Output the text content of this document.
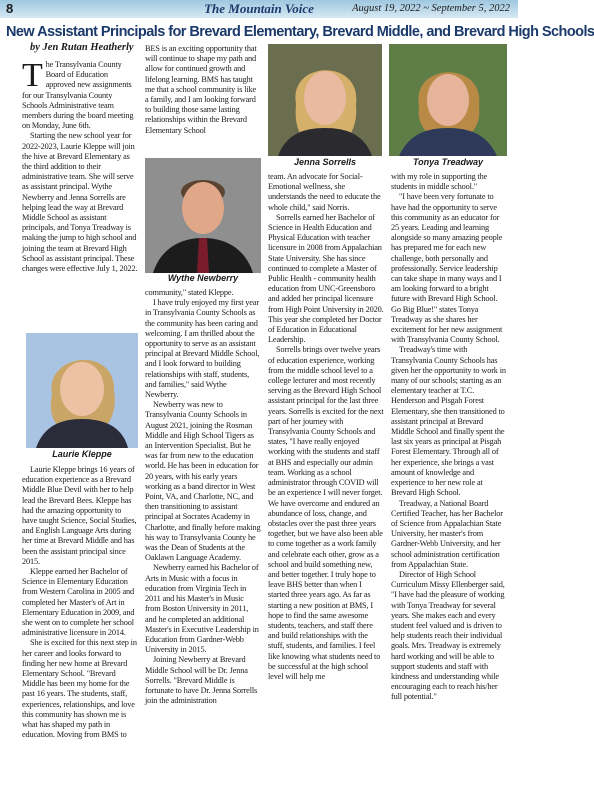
8	The Mountain Voice	August 19, 2022 ~ September 5, 2022
New Assistant Principals for Brevard Elementary, Brevard Middle, and Brevard High Schools
by Jen Rutan Heatherly
T he Transylvania County Board of Education approved new assignments for our Transylvania County Schools Administrative team members during the board meeting on Monday, June 6th.

Starting the new school year for 2022-2023, Laurie Kleppe will join the hive at Brevard Elementary as the third addition to their administrative team. She will serve as assistant principal. Wythe Newberry and Jenna Sorrells are helping lead the way at Brevard Middle School as assistant principals, and Tonya Treadway is making the jump to high school and joining the team at Brevard High School as assistant principal. These changes were effective July 1, 2022.

Laurie Kleppe

Laurie Kleppe brings 16 years of education experience as a Brevard Middle Blue Devil with her to help lead the Brevard Bees. Kleppe has had the amazing opportunity to have taught Science, Social Studies, and English Language Arts during her time at Brevard Middle and has been the assistant principal since 2015.

Kleppe earned her Bachelor of Science in Elementary Education from Western Carolina in 2005 and completed her Master's of Art in Elementary Education in 2009, and she went on to complete her school administrative licensure in 2014.

She is excited for this next step in her career and looks forward to finding her new home at Brevard Elementary School. "Brevard Middle has been my home for the past 16 years. The students, staff, experiences, relationships, and love this community has shown me is what has shaped my path in education. Moving from BMS to

BES is an exciting opportunity that will continue to shape my path and allow for continued growth and lifelong learning. BMS has taught me that a school community is like a family, and I am looking forward to building those same lasting relationships within the Brevard Elementary School

Wythe Newberry

community," stated Kleppe.

I have truly enjoyed my first year in Transylvania County Schools as the community has been caring and welcoming. I am thrilled about the opportunity to serve as an assistant principal at Brevard Middle School, and I look forward to building relationships with staff, students, and families," said Wythe Newberry.

Newberry was new to Transylvania County Schools in August 2021, joining the Rosman Middle and High School Tigers as an Intervention Specialist. But he was far from new to the education world. He has been in education for 20 years, with his early years working as a band director in West Point, VA, and Charlotte, NC, and then transitioning to assistant principal at Socrates Academy in Charlotte, and finally before making his way to Transylvania County he was the Dean of Students at the Oaklawn Language Academy.

Newberry earned his Bachelor of Arts in Music with a focus in education from Virginia Tech in 2011 and his Master's in Music from Boston University in 2011, and he completed an additional Master's in Executive Leadership in Education from Gardner-Webb University in 2015.

Joining Newberry at Brevard Middle School will be Dr. Jenna Sorrells. "Brevard Middle is fortunate to have Dr. Jenna Sorrells join the administration

Jenna Sorrells	Tonya Treadway

team. An advocate for Social-Emotional wellness, she understands the need to educate the whole child," said Norris.

Sorrells earned her Bachelor of Science in Health Education and Physical Education with teacher licensure in 2008 from Appalachian State University. She has since continued to complete a Master of Public Health - community health education from UNC-Greensboro and added her principal licensure from High Point University in 2020. This year she completed her Doctor of Education in Educational Leadership.

Sorrells brings over twelve years of education experience, working from the middle school level to a college lecturer and most recently serving as the Brevard High School assistant principal for the last three years. Sorrells is excited for the next part of her journey with Transylvania County Schools and states, "I have really enjoyed working with the students and staff at BHS and especially our admin team. Working as a school administrator through COVID will be an experience I will never forget. We have overcome and endured an abundance of loss, change, and obstacles over the past three years together, but we have also been able to come together as a work family and celebrate each other, grow as a school and build something new, and better together. I truly hope to leave BHS better than when I started three years ago. As far as starting a new position at BMS, I hope to find the same awesome students, teachers, and staff there and build relationships with the stuff, students, and families. I feel like knowing what students need to be successful at the high school level will help me

with my role in supporting the students in middle school."

"I have been very fortunate to have had the opportunity to serve this community as an educator for 25 years. Leading and learning alongside so many amazing people has prepared me for each new challenge, both personally and professionally. Service leadership can take shape in many ways and I am looking forward to a bright future with Brevard High School. Go Big Blue!" states Tonya Treadway as she shares her excitement for her new assignment with Transylvania County School.

Treadway's time with Transylvania County Schools has given her the opportunity to work in many of our schools; starting as an elementary teacher at T.C. Henderson and Pisgah Forest Elementary, she then transitioned to assistant principal at Brevard Middle School and finally spent the last six years as principal at Pisgah Forest Elementary. Through all of her experience, she brings a vast amount of knowledge and experience to her new role at Brevard High School.

Treadway, a National Board Certified Teacher, has her Bachelor of Science from Appalachian State University, her master's from Gardner-Webb University, and her school administration certification from Appalachian State.

Director of High School Curriculum Missy Ellenberger said, "I have had the pleasure of working with Tonya Treadway for several years. She makes each and every student feel valued and is driven to help students reach their individual goals. Mrs. Treadway is extremely hard working and will be able to support students and staff with kindness and understanding while encouraging each to reach his/her full potential."
